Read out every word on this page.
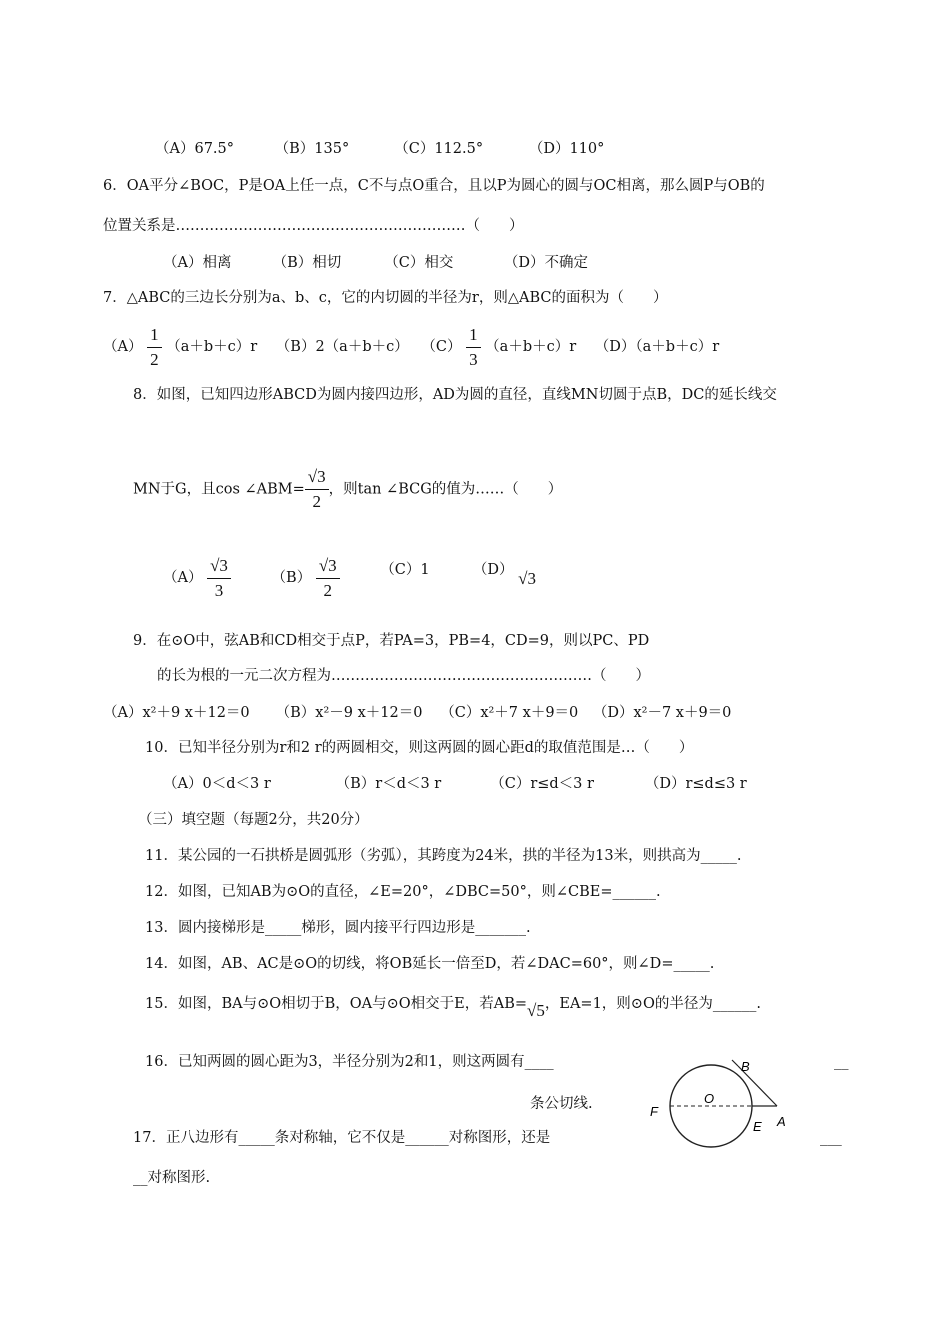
（A）67.5°	（B）135°	（C）112.5°	（D）110°
6．OA平分∠BOC，P是OA上任一点，C不与点O重合，且以P为圆心的圆与OC相离，那么圆P与OB的
位置关系是……………………………………………………（　　）
（A）相离	（B）相切	（C）相交	（D）不确定
7．△ABC的三边长分别为a、b、c，它的内切圆的半径为r，则△ABC的面积为（　　）
$(A) \frac{1}{2} (a+b+c)r$ （B）2（a＋b＋c） $(C) \frac{1}{3} (a+b+c)r$ （D）（a＋b＋c）r
8．如图，已知四边形ABCD为圆内接四边形，AD为圆的直径，直线MN切圆于点B，DC的延长线交
MN于G，且cos ∠ABM= $\frac{√3}{2}$ ，则tan ∠BCG的值为……（　　）
$(A) \frac{√3}{3}$	$(B) \frac{√3}{2}$	（C）1	（D） √3
9．在⊙O中，弦AB和CD相交于点P，若PA=3，PB=4，CD=9，则以PC、PD
的长为根的一元二次方程为………………………………………………（　　）
（A）x²＋9 x＋12＝0 （B）x²－9 x＋12＝0 （C）x²＋7 x＋9＝0 （D）x²－7 x＋9＝0
10．已知半径分别为r和2 r的两圆相交，则这两圆的圆心距d的取值范围是…（　　）
（A）0＜d＜3 r	（B）r＜d＜3 r	（C）r≤d＜3 r	（D）r≤d≤3 r
（三）填空题（每题2分，共20分）
11．某公园的一石拱桥是圆弧形（劣弧），其跨度为24米，拱的半径为13米，则拱高为_____.
12．如图，已知AB为⊙O的直径，∠E=20°，∠DBC=50°，则∠CBE=______.
13．圆内接梯形是_____梯形，圆内接平行四边形是_______.
14．如图，AB、AC是⊙O的切线，将OB延长一倍至D，若∠DAC=60°，则∠D=_____.
15．如图，BA与⊙O相切于B，OA与⊙O相交于E，若AB=√5，EA=1，则⊙O的半径为______.
16．已知两圆的圆心距为3，半径分别为2和1，则这两圆有____	__
条公切线.
17．正八边形有_____条对称轴，它不仅是______对称图形，还是	___
__对称图形.
B
O
F
E A
